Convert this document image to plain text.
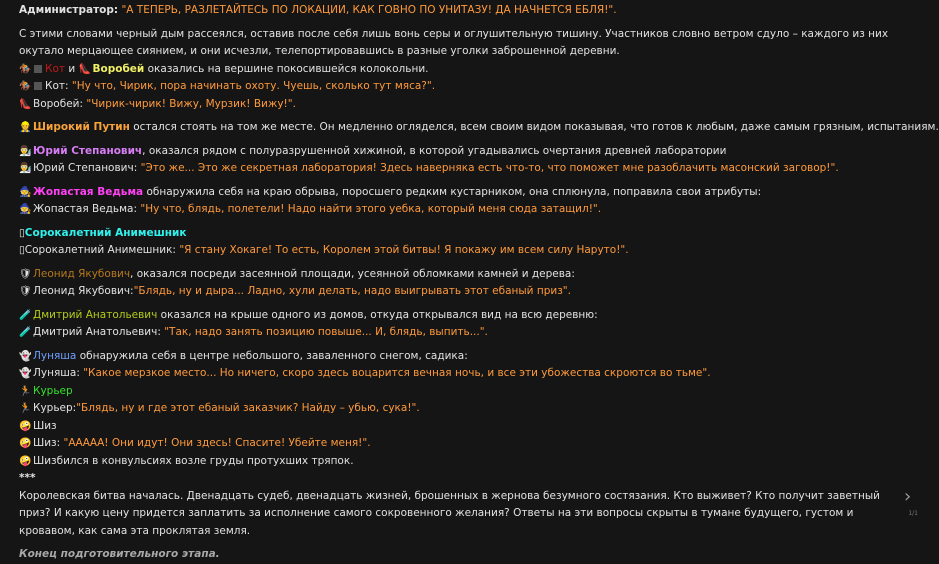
Администратор: "А ТЕПЕРЬ, РАЗЛЕТАЙТЕСЬ ПО ЛОКАЦИИ, КАК ГОВНО ПО УНИТАЗУ! ДА НАЧНЕТСЯ ЕБЛЯ!".
С этими словами черный дым рассеялся, оставив после себя лишь вонь серы и оглушительную тишину. Участников словно ветром сдуло – каждого из них окутало мерцающее сиянием, и они исчезли, телепортировавшись в разные уголки заброшенной деревни.
🏇 Кот и 👠 Воробей оказались на вершине покосившейся колокольни.
🏇 Кот: "Ну что, Чирик, пора начинать охоту. Чуешь, сколько тут мяса?".
👠 Воробей: "Чирик-чирик! Вижу, Мурзик! Вижу!".
👷 Широкий Путин остался стоять на том же месте. Он медленно огляделся, всем своим видом показывая, что готов к любым, даже самым грязным, испытаниям.
👨‍🔬 Юрий Степанович, оказался рядом с полуразрушенной хижиной, в которой угадывались очертания древней лаборатории
👨‍🔬 Юрий Степанович: "Это же... Это же секретная лаборатория! Здесь наверняка есть что-то, что поможет мне разоблачить масонский заговор!".
🧙 Жопастая Ведьма обнаружила себя на краю обрыва, поросшего редким кустарником, она сплюнула, поправила свои атрибуты:
🧙 Жопастая Ведьма: "Ну что, блядь, полетели! Надо найти этого уебка, который меня сюда затащил!".
▯Сорокалетний Анимешник
▯Сорокалетний Анимешник: "Я стану Хокаге! То есть, Королем этой битвы! Я покажу им всем силу Наруто!".
🛡Леонид Якубович, оказался посреди засеянной площади, усеянной обломками камней и дерева:
🛡Леонид Якубович:"Блядь, ну и дыра... Ладно, хули делать, надо выигрывать этот ебаный приз".
🧪 Дмитрий Анатольевич оказался на крыше одного из домов, откуда открывался вид на всю деревню:
🧪 Дмитрий Анатольевич: "Так, надо занять позицию повыше... И, блядь, выпить...".
👻 Луняша обнаружила себя в центре небольшого, заваленного снегом, садика:
👻 Луняша: "Какое мерзкое место... Но ничего, скоро здесь воцарится вечная ночь, и все эти убожества скроются во тьме".
🏃 Курьер
🏃 Курьер:"Блядь, ну и где этот ебаный заказчик? Найду – убью, сука!".
🤪 Шиз
🤪 Шиз: "ААААА! Они идут! Они здесь! Спасите! Убейте меня!".
🤪 Шизбился в конвульсиях возле груды протухших тряпок.
***
Королевская битва началась. Двенадцать судеб, двенадцать жизней, брошенных в жернова безумного состязания. Кто выживет? Кто получит заветный приз? И какую цену придется заплатить за исполнение самого сокровенного желания? Ответы на эти вопросы скрыты в тумане будущего, густом и кровавом, как сама эта проклятая земля.
Конец подготовительного этапа.
›
1/1
